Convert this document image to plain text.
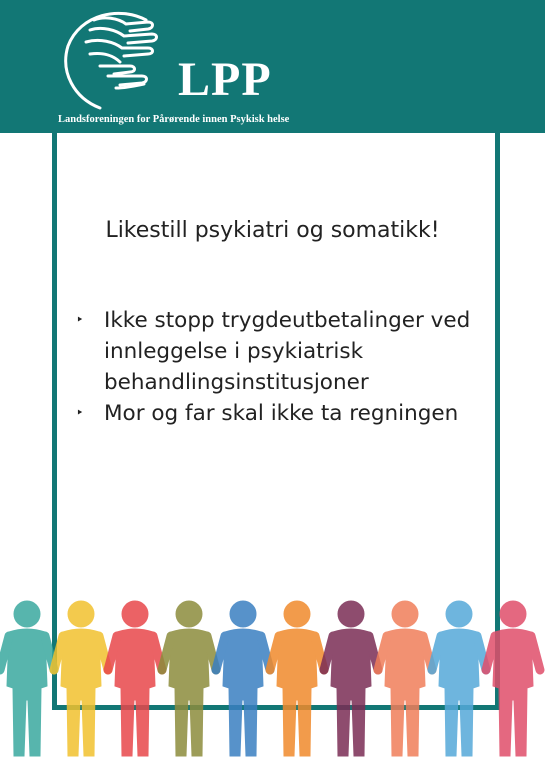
LPP
Landsforeningen for Pårørende innen Psykisk helse
Likestill psykiatri og somatikk!
‣ Ikke stopp trygdeutbetalinger ved innleggelse i psykiatrisk behandlingsinstitusjoner
‣ Mor og far skal ikke ta regningen
